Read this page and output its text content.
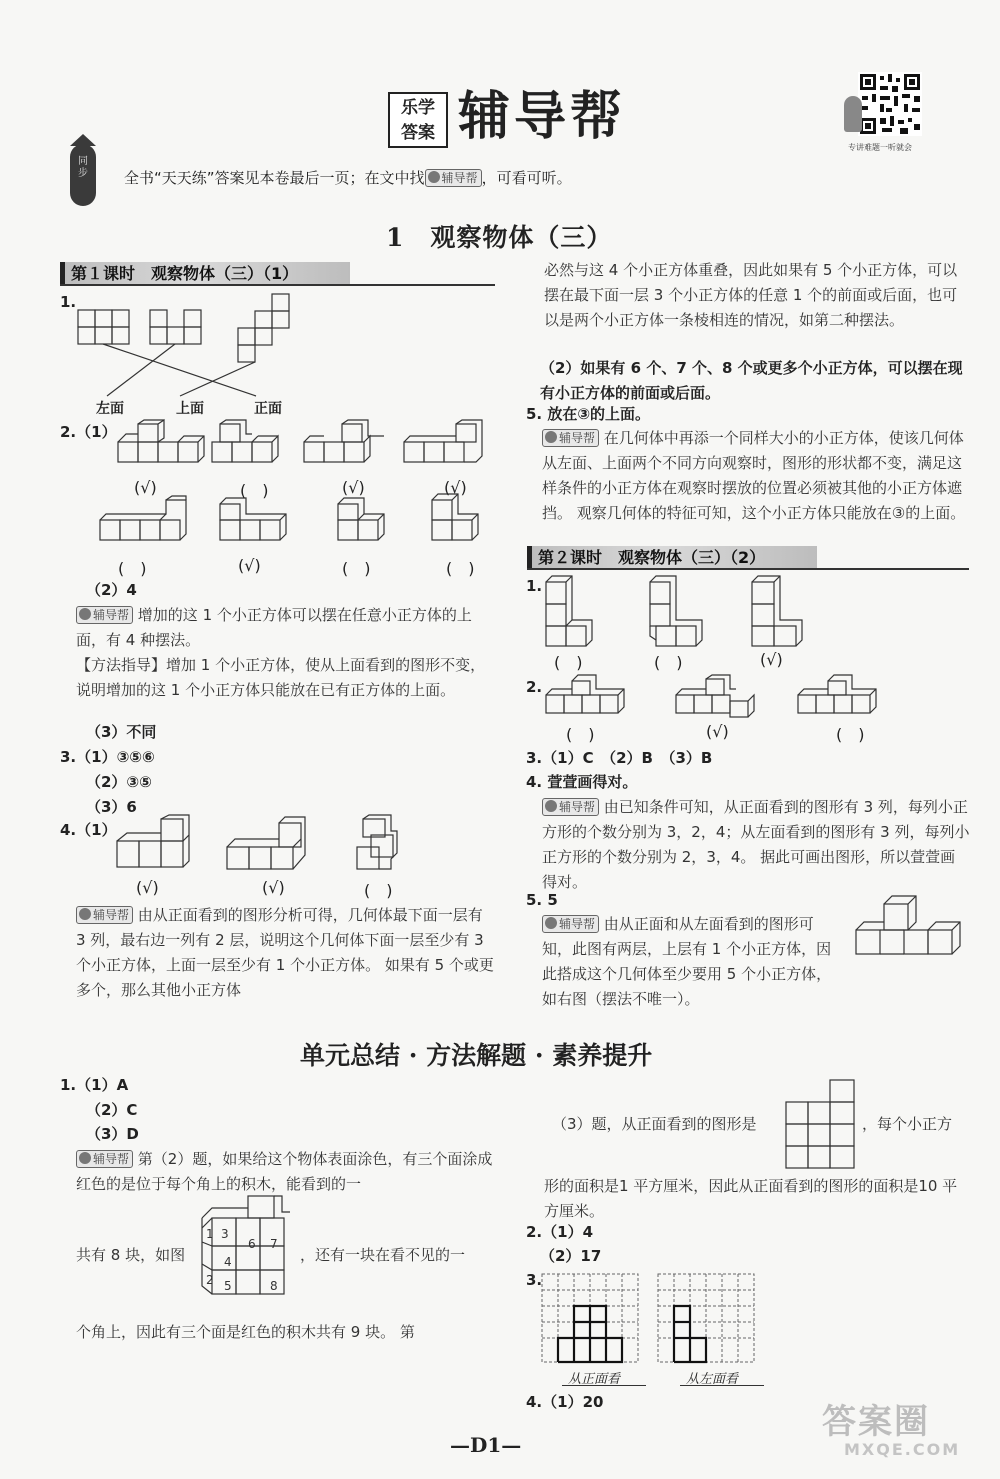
乐学
答案 辅导帮
专讲难题一听就会
同步 全书“天天练”答案见本卷最后一页；在文中找 辅导帮 ，可看可听。
1　观察物体（三）
第１课时　观察物体（三）（1）
1.
左面	上面	正面
2.（1）
(√)	(　)	(√)	(√)
(　)	(√)	(　)	(　)
（2）4
辅导帮 增加的这 1 个小正方体可以摆在任意小正方体的上面，有 4 种摆法。
【方法指导】增加 1 个小正方体，使从上面看到的图形不变，说明增加的这 1 个小正方体只能放在已有正方体的上面。
（3）不同
3.（1）③⑤⑥
（2）③⑤
（3）6
4.（1）
(√)	(√)	(　)
辅导帮 由从正面看到的图形分析可得，几何体最下面一层有 3 列，最右边一列有 2 层，说明这个几何体下面一层至少有 3 个小正方体，上面一层至少有 1 个小正方体。 如果有 5 个或更多个，那么其他小正方体
必然与这 4 个小正方体重叠，因此如果有 5 个小正方体，可以摆在最下面一层 3 个小正方体的任意 1 个的前面或后面，也可以是两个小正方体一条棱相连的情况，如第二种摆法。
（2）如果有 6 个、7 个、8 个或更多个小正方体，可以摆在现有小正方体的前面或后面。
5. 放在③的上面。
辅导帮 在几何体中再添一个同样大小的小正方体，使该几何体从左面、上面两个不同方向观察时，图形的形状都不变，满足这样条件的小正方体在观察时摆放的位置必须被其他的小正方体遮挡。 观察几何体的特征可知，这个小正方体只能放在③的上面。
第２课时　观察物体（三）（2）
1.
(　)	(　)	(√)
2.
(　)	(√)	(　)
3.（1）C　（2）B　（3）B
4. 萱萱画得对。
辅导帮 由已知条件可知，从正面看到的图形有 3 列，每列小正方形的个数分别为 3，2，4；从左面看到的图形有 3 列，每列小正方形的个数分别为 2，3，4。 据此可画出图形，所以萱萱画得对。
5. 5
辅导帮 由从正面和从左面看到的图形可知，此图有两层，上层有 1 个小正方体，因此搭成这个几何体至少要用 5 个小正方体，如右图（摆法不唯一）。
单元总结 · 方法解题 · 素养提升
1.（1）A
（2）C
（3）D
辅导帮 第（2）题，如果给这个物体表面涂色，有三个面涂成红色的是位于每个角上的积木，能看到的一
共有 8 块，如图	，还有一块在看不见的一
个角上，因此有三个面是红色的积木共有 9 块。 第
1
2
3
4
5
6 7
8
（3）题，从正面看到的图形是	，每个小正方
形的面积是1 平方厘米，因此从正面看到的图形的面积是10 平方厘米。
2.（1）4
（2）17
3.
从正面看	从左面看
4.（1）20
—D1—
答案圈
MXQE.COM
